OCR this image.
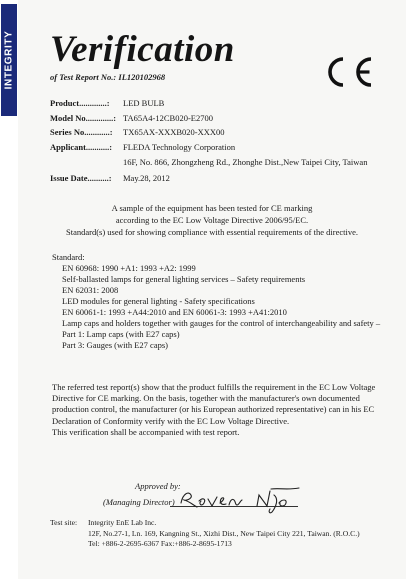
INTEGRITY Verification
of Test Report No.: IL120102968
Product.............: LED BULB
Model No.............: TA65A4-12CB020-E2700
Series No............: TX65AX-XXXB020-XXX00
Applicant...........: FLEDA Technology Corporation
16F, No. 866, Zhongzheng Rd., Zhonghe Dist.,New Taipei City, Taiwan
Issue Date..........: May.28, 2012
A sample of the equipment has been tested for CE marking
according to the EC Low Voltage Directive 2006/95/EC.
Standard(s) used for showing compliance with essential requirements of the directive.
Standard:
EN 60968: 1990 +A1: 1993 +A2: 1999
Self-ballasted lamps for general lighting services – Safety requirements
EN 62031: 2008
LED modules for general lighting - Safety specifications
EN 60061-1: 1993 +A44:2010 and EN 60061-3: 1993 +A41:2010
Lamp caps and holders together with gauges for the control of interchangeability and safety –
Part 1: Lamp caps (with E27 caps)
Part 3: Gauges (with E27 caps)
The referred test report(s) show that the product fulfills the requirement in the EC Low Voltage
Directive for CE marking. On the basis, together with the manufacturer's own documented
production control, the manufacturer (or his European authorized representative) can in his EC
Declaration of Conformity verify with the EC Low Voltage Directive.
This verification shall be accompanied with test report.
Approved by:
(Managing Director)
Test site: Integrity EnE Lab Inc.
12F, No.27-1, Ln. 169, Kangning St., Xizhi Dist., New Taipei City 221, Taiwan. (R.O.C.)
Tel: +886-2-2695-6367 Fax:+886-2-8695-1713
